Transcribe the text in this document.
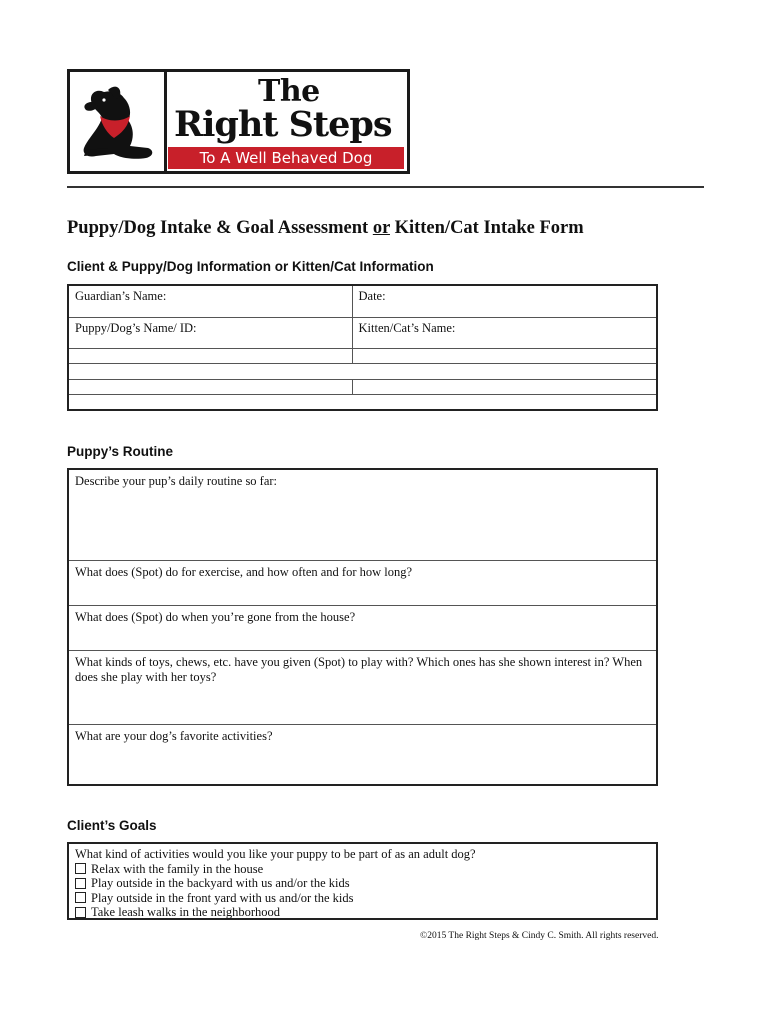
The
Right Steps
To A Well Behaved Dog
Puppy/Dog Intake & Goal Assessment or Kitten/Cat Intake Form
Client & Puppy/Dog Information or Kitten/Cat Information
Guardian’s Name:	Date:
Puppy/Dog’s Name/ ID:	Kitten/Cat’s Name:

Puppy’s Routine
Describe your pup’s daily routine so far:
What does (Spot) do for exercise, and how often and for how long?
What does (Spot) do when you’re gone from the house?
What kinds of toys, chews, etc. have you given (Spot) to play with? Which ones has she shown interest in? When does she play with her toys?
What are your dog’s favorite activities?
Client’s Goals
What kind of activities would you like your puppy to be part of as an adult dog?
Relax with the family in the house
Play outside in the backyard with us and/or the kids
Play outside in the front yard with us and/or the kids
Take leash walks in the neighborhood
©2015 The Right Steps & Cindy C. Smith. All rights reserved.
